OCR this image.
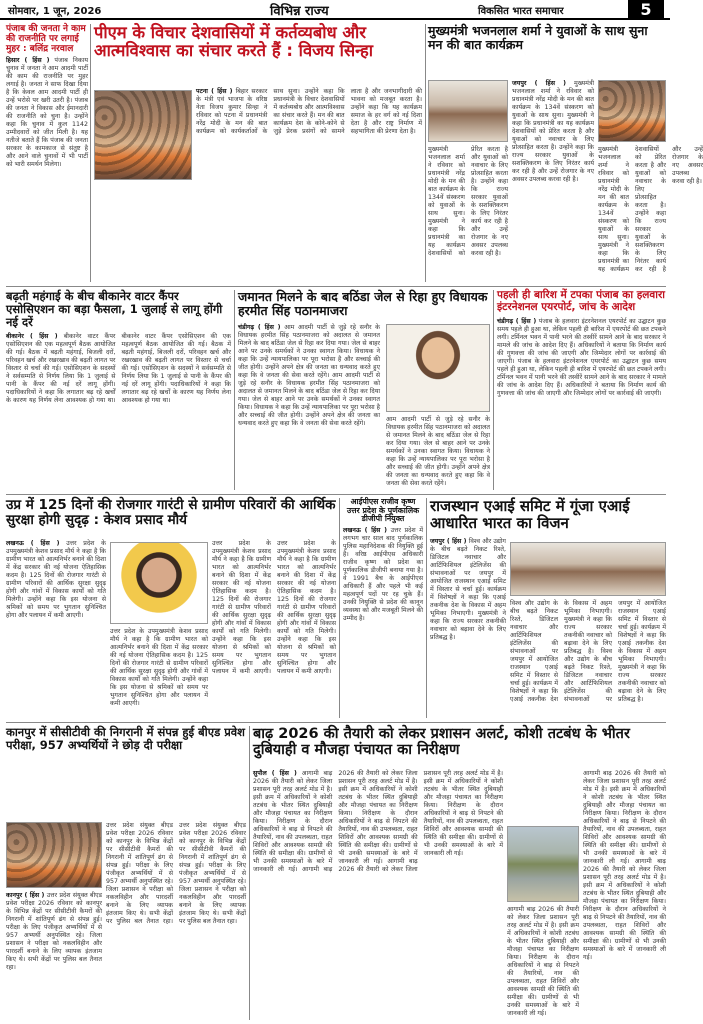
सोमवार, 1 जून, 2026	विभिन्न राज्य	विकसित भारत समाचार	5
पंजाब की जनता ने काम की राजनीति पर लगाई मुहर : बलिंद्र नरवाल
हिसार ( हिंस ) पंजाब निकाय चुनाव में जनता ने आम आदमी पार्टी की काम की राजनीति पर मुहर लगाई है। जनता ने साफ दिखा दिया है कि केवल आम आदमी पार्टी ही उन्हें भरोसे पर खरी उतरी है। पंजाब की जनता ने विकास और ईमानदारी की राजनीति को चुना है। उन्होंने कहा कि चुनाव में कुल 1142 उम्मीदवारों को जीत मिली है। यह नतीजे बताते हैं कि पंजाब की जनता सरकार के कामकाज से संतुष्ट है और आने वाले चुनावों में भी पार्टी को भारी समर्थन मिलेगा।
पीएम के विचार देशवासियों में कर्तव्यबोध और आत्मविश्वास का संचार करते हैं : विजय सिन्हा
पटना ( हिंस ) बिहार सरकार के मंत्री एवं भाजपा के वरिष्ठ नेता विजय कुमार सिन्हा ने रविवार को पटना में प्रधानमंत्री नरेंद्र मोदी के मन की बात कार्यक्रम को कार्यकर्ताओं के साथ सुना। उन्होंने कहा कि प्रधानमंत्री के विचार देशवासियों में कर्तव्यबोध और आत्मविश्वास का संचार करते हैं। मन की बात कार्यक्रम देश के कोने-कोने से जुड़े प्रेरक प्रसंगों को सामने लाता है और जनभागीदारी की भावना को मजबूत करता है। उन्होंने कहा कि यह कार्यक्रम समाज के हर वर्ग को नई दिशा देता है और राष्ट्र निर्माण में सहभागिता की प्रेरणा देता है।
मुख्यमंत्री भजनलाल शर्मा ने युवाओं के साथ सुना मन की बात कार्यक्रम
जयपुर ( हिंस ) मुख्यमंत्री भजनलाल शर्मा ने रविवार को प्रधानमंत्री नरेंद्र मोदी के मन की बात कार्यक्रम के 134वें संस्करण को युवाओं के साथ सुना। मुख्यमंत्री ने कहा कि प्रधानमंत्री का यह कार्यक्रम देशवासियों को प्रेरित करता है और युवाओं को नवाचार के लिए प्रोत्साहित करता है। उन्होंने कहा कि राज्य सरकार युवाओं के सशक्तिकरण के लिए निरंतर कार्य कर रही है और उन्हें रोजगार के नए अवसर उपलब्ध करवा रही है।
मुख्यमंत्री भजनलाल शर्मा ने रविवार को प्रधानमंत्री नरेंद्र मोदी के मन की बात कार्यक्रम के 134वें संस्करण को युवाओं के साथ सुना। मुख्यमंत्री ने कहा कि प्रधानमंत्री का यह कार्यक्रम देशवासियों को प्रेरित करता है और युवाओं को नवाचार के लिए प्रोत्साहित करता है। उन्होंने कहा कि राज्य सरकार युवाओं के सशक्तिकरण के लिए निरंतर कार्य कर रही है और उन्हें रोजगार के नए अवसर उपलब्ध करवा रही है।
मुख्यमंत्री भजनलाल शर्मा ने रविवार को प्रधानमंत्री नरेंद्र मोदी के मन की बात कार्यक्रम के 134वें संस्करण को युवाओं के साथ सुना। मुख्यमंत्री ने कहा कि प्रधानमंत्री का यह कार्यक्रम देशवासियों को प्रेरित करता है और युवाओं को नवाचार के लिए प्रोत्साहित करता है। उन्होंने कहा कि राज्य सरकार युवाओं के सशक्तिकरण के लिए निरंतर कार्य कर रही है और उन्हें रोजगार के नए अवसर उपलब्ध करवा रही है।
बढ़ती महंगाई के बीच बीकानेर वाटर कैंपर एसोसिएशन का बड़ा फैसला, 1 जुलाई से लागू होंगी नई दरें
बीकानेर ( हिंस ) बीकानेर वाटर कैंपर एसोसिएशन की एक महत्वपूर्ण बैठक आयोजित की गई। बैठक में बढ़ती महंगाई, बिजली दरों, परिवहन खर्च और रखरखाव की बढ़ती लागत पर विस्तार से चर्चा की गई। एसोसिएशन के सदस्यों ने सर्वसम्मति से निर्णय लिया कि 1 जुलाई से पानी के कैंपर की नई दरें लागू होंगी। पदाधिकारियों ने कहा कि लगातार बढ़ रहे खर्चों के कारण यह निर्णय लेना आवश्यक हो गया था। बीकानेर वाटर कैंपर एसोसिएशन की एक महत्वपूर्ण बैठक आयोजित की गई। बैठक में बढ़ती महंगाई, बिजली दरों, परिवहन खर्च और रखरखाव की बढ़ती लागत पर विस्तार से चर्चा की गई। एसोसिएशन के सदस्यों ने सर्वसम्मति से निर्णय लिया कि 1 जुलाई से पानी के कैंपर की नई दरें लागू होंगी। पदाधिकारियों ने कहा कि लगातार बढ़ रहे खर्चों के कारण यह निर्णय लेना आवश्यक हो गया था।
जमानत मिलने के बाद बठिंडा जेल से रिहा हुए विधायक हरमीत सिंह पठानमाजरा
चंडीगढ़ ( हिंस ) आम आदमी पार्टी से जुड़े रहे सनौर के विधायक हरमीत सिंह पठानमाजरा को अदालत से जमानत मिलने के बाद बठिंडा जेल से रिहा कर दिया गया। जेल से बाहर आने पर उनके समर्थकों ने उनका स्वागत किया। विधायक ने कहा कि उन्हें न्यायपालिका पर पूरा भरोसा है और सच्चाई की जीत होगी। उन्होंने अपने क्षेत्र की जनता का धन्यवाद करते हुए कहा कि वे जनता की सेवा करते रहेंगे। आम आदमी पार्टी से जुड़े रहे सनौर के विधायक हरमीत सिंह पठानमाजरा को अदालत से जमानत मिलने के बाद बठिंडा जेल से रिहा कर दिया गया। जेल से बाहर आने पर उनके समर्थकों ने उनका स्वागत किया। विधायक ने कहा कि उन्हें न्यायपालिका पर पूरा भरोसा है और सच्चाई की जीत होगी। उन्होंने अपने क्षेत्र की जनता का धन्यवाद करते हुए कहा कि वे जनता की सेवा करते रहेंगे।
आम आदमी पार्टी से जुड़े रहे सनौर के विधायक हरमीत सिंह पठानमाजरा को अदालत से जमानत मिलने के बाद बठिंडा जेल से रिहा कर दिया गया। जेल से बाहर आने पर उनके समर्थकों ने उनका स्वागत किया। विधायक ने कहा कि उन्हें न्यायपालिका पर पूरा भरोसा है और सच्चाई की जीत होगी। उन्होंने अपने क्षेत्र की जनता का धन्यवाद करते हुए कहा कि वे जनता की सेवा करते रहेंगे।
पहली ही बारिश में टपका पंजाब का हलवारा इंटरनेशनल एयरपोर्ट, जांच के आदेश
चंडीगढ़ ( हिंस ) पंजाब के हलवारा इंटरनेशनल एयरपोर्ट का उद्घाटन कुछ समय पहले ही हुआ था, लेकिन पहली ही बारिश में एयरपोर्ट की छत टपकने लगी। टर्मिनल भवन में पानी भरने की तस्वीरें सामने आने के बाद सरकार ने मामले की जांच के आदेश दिए हैं। अधिकारियों ने बताया कि निर्माण कार्य की गुणवत्ता की जांच की जाएगी और जिम्मेदार लोगों पर कार्रवाई की जाएगी। पंजाब के हलवारा इंटरनेशनल एयरपोर्ट का उद्घाटन कुछ समय पहले ही हुआ था, लेकिन पहली ही बारिश में एयरपोर्ट की छत टपकने लगी। टर्मिनल भवन में पानी भरने की तस्वीरें सामने आने के बाद सरकार ने मामले की जांच के आदेश दिए हैं। अधिकारियों ने बताया कि निर्माण कार्य की गुणवत्ता की जांच की जाएगी और जिम्मेदार लोगों पर कार्रवाई की जाएगी।
उप्र में 125 दिनों की रोजगार गारंटी से ग्रामीण परिवारों की आर्थिक सुरक्षा होगी सुदृढ़ : केशव प्रसाद मौर्य
लखनऊ ( हिंस ) उत्तर प्रदेश के उपमुख्यमंत्री केशव प्रसाद मौर्य ने कहा है कि ग्रामीण भारत को आत्मनिर्भर बनाने की दिशा में केंद्र सरकार की नई योजना ऐतिहासिक कदम है। 125 दिनों की रोजगार गारंटी से ग्रामीण परिवारों की आर्थिक सुरक्षा सुदृढ़ होगी और गांवों में विकास कार्यों को गति मिलेगी। उन्होंने कहा कि इस योजना से श्रमिकों को समय पर भुगतान सुनिश्चित होगा और पलायन में कमी आएगी।
उत्तर प्रदेश के उपमुख्यमंत्री केशव प्रसाद मौर्य ने कहा है कि ग्रामीण भारत को आत्मनिर्भर बनाने की दिशा में केंद्र सरकार की नई योजना ऐतिहासिक कदम है। 125 दिनों की रोजगार गारंटी से ग्रामीण परिवारों की आर्थिक सुरक्षा सुदृढ़ होगी और गांवों में विकास कार्यों को गति मिलेगी। उन्होंने कहा कि इस योजना से श्रमिकों को समय पर भुगतान सुनिश्चित होगा और पलायन में कमी आएगी।
उत्तर प्रदेश के उपमुख्यमंत्री केशव प्रसाद मौर्य ने कहा है कि ग्रामीण भारत को आत्मनिर्भर बनाने की दिशा में केंद्र सरकार की नई योजना ऐतिहासिक कदम है। 125 दिनों की रोजगार गारंटी से ग्रामीण परिवारों की आर्थिक सुरक्षा सुदृढ़ होगी और गांवों में विकास कार्यों को गति मिलेगी। उन्होंने कहा कि इस योजना से श्रमिकों को समय पर भुगतान सुनिश्चित होगा और पलायन में कमी आएगी। उत्तर प्रदेश के उपमुख्यमंत्री केशव प्रसाद मौर्य ने कहा है कि ग्रामीण भारत को आत्मनिर्भर बनाने की दिशा में केंद्र सरकार की नई योजना ऐतिहासिक कदम है। 125 दिनों की रोजगार गारंटी से ग्रामीण परिवारों की आर्थिक सुरक्षा सुदृढ़ होगी और गांवों में विकास कार्यों को गति मिलेगी। उन्होंने कहा कि इस योजना से श्रमिकों को समय पर भुगतान सुनिश्चित होगा और पलायन में कमी आएगी।
आईपीएस राजीव कृष्ण उत्तर प्रदेश के पूर्णकालिक डीजीपी नियुक्त
लखनऊ ( हिंस ) उत्तर प्रदेश में लगभग चार साल बाद पूर्णकालिक पुलिस महानिदेशक की नियुक्ति हुई है। वरिष्ठ आईपीएस अधिकारी राजीव कृष्ण को प्रदेश का पूर्णकालिक डीजीपी बनाया गया है। वे 1991 बैच के आईपीएस अधिकारी हैं और पहले भी कई महत्वपूर्ण पदों पर रह चुके हैं। उनकी नियुक्ति से प्रदेश की कानून व्यवस्था को और मजबूती मिलने की उम्मीद है।
राजस्थान एआई समिट में गूंजा एआई आधारित भारत का विजन
जयपुर ( हिंस ) विश्व और उद्योग के बीच बढ़ते निकट रिश्ते, डिजिटल नवाचार और आर्टिफिशियल इंटेलिजेंस की संभावनाओं पर जयपुर में आयोजित राजस्थान एआई समिट में विस्तार से चर्चा हुई। कार्यक्रम में विशेषज्ञों ने कहा कि एआई तकनीक देश के विकास में अहम भूमिका निभाएगी। मुख्यमंत्री ने कहा कि राज्य सरकार तकनीकी नवाचार को बढ़ावा देने के लिए प्रतिबद्ध है।
विश्व और उद्योग के बीच बढ़ते निकट रिश्ते, डिजिटल नवाचार और आर्टिफिशियल इंटेलिजेंस की संभावनाओं पर जयपुर में आयोजित राजस्थान एआई समिट में विस्तार से चर्चा हुई। कार्यक्रम में विशेषज्ञों ने कहा कि एआई तकनीक देश के विकास में अहम भूमिका निभाएगी। मुख्यमंत्री ने कहा कि राज्य सरकार तकनीकी नवाचार को बढ़ावा देने के लिए प्रतिबद्ध है। विश्व और उद्योग के बीच बढ़ते निकट रिश्ते, डिजिटल नवाचार और आर्टिफिशियल इंटेलिजेंस की संभावनाओं पर जयपुर में आयोजित राजस्थान एआई समिट में विस्तार से चर्चा हुई। कार्यक्रम में विशेषज्ञों ने कहा कि एआई तकनीक देश के विकास में अहम भूमिका निभाएगी। मुख्यमंत्री ने कहा कि राज्य सरकार तकनीकी नवाचार को बढ़ावा देने के लिए प्रतिबद्ध है।
कानपुर में सीसीटीवी की निगरानी में संपन्न हुई बीएड प्रवेश परीक्षा, 957 अभ्यर्थियों ने छोड़ दी परीक्षा
कानपुर ( हिंस ) उत्तर प्रदेश संयुक्त बीएड प्रवेश परीक्षा 2026 रविवार को कानपुर के विभिन्न केंद्रों पर सीसीटीवी कैमरों की निगरानी में शांतिपूर्ण ढंग से संपन्न हुई। परीक्षा के लिए पंजीकृत अभ्यर्थियों में से 957 अभ्यर्थी अनुपस्थित रहे। जिला प्रशासन ने परीक्षा को नकलविहीन और पारदर्शी बनाने के लिए व्यापक इंतजाम किए थे। सभी केंद्रों पर पुलिस बल तैनात रहा।
उत्तर प्रदेश संयुक्त बीएड प्रवेश परीक्षा 2026 रविवार को कानपुर के विभिन्न केंद्रों पर सीसीटीवी कैमरों की निगरानी में शांतिपूर्ण ढंग से संपन्न हुई। परीक्षा के लिए पंजीकृत अभ्यर्थियों में से 957 अभ्यर्थी अनुपस्थित रहे। जिला प्रशासन ने परीक्षा को नकलविहीन और पारदर्शी बनाने के लिए व्यापक इंतजाम किए थे। सभी केंद्रों पर पुलिस बल तैनात रहा। उत्तर प्रदेश संयुक्त बीएड प्रवेश परीक्षा 2026 रविवार को कानपुर के विभिन्न केंद्रों पर सीसीटीवी कैमरों की निगरानी में शांतिपूर्ण ढंग से संपन्न हुई। परीक्षा के लिए पंजीकृत अभ्यर्थियों में से 957 अभ्यर्थी अनुपस्थित रहे। जिला प्रशासन ने परीक्षा को नकलविहीन और पारदर्शी बनाने के लिए व्यापक इंतजाम किए थे। सभी केंद्रों पर पुलिस बल तैनात रहा।
बाढ़ 2026 की तैयारी को लेकर प्रशासन अलर्ट, कोशी तटबंध के भीतर दुबियाही व मौजहा पंचायत का निरीक्षण
सुपौल ( हिंस ) आगामी बाढ़ 2026 की तैयारी को लेकर जिला प्रशासन पूरी तरह अलर्ट मोड में है। इसी क्रम में अधिकारियों ने कोशी तटबंध के भीतर स्थित दुबियाही और मौजहा पंचायत का निरीक्षण किया। निरीक्षण के दौरान अधिकारियों ने बाढ़ से निपटने की तैयारियों, नाव की उपलब्धता, राहत शिविरों और आवश्यक सामग्री की स्थिति की समीक्षा की। ग्रामीणों से भी उनकी समस्याओं के बारे में जानकारी ली गई। आगामी बाढ़ 2026 की तैयारी को लेकर जिला प्रशासन पूरी तरह अलर्ट मोड में है। इसी क्रम में अधिकारियों ने कोशी तटबंध के भीतर स्थित दुबियाही और मौजहा पंचायत का निरीक्षण किया। निरीक्षण के दौरान अधिकारियों ने बाढ़ से निपटने की तैयारियों, नाव की उपलब्धता, राहत शिविरों और आवश्यक सामग्री की स्थिति की समीक्षा की। ग्रामीणों से भी उनकी समस्याओं के बारे में जानकारी ली गई। आगामी बाढ़ 2026 की तैयारी को लेकर जिला प्रशासन पूरी तरह अलर्ट मोड में है। इसी क्रम में अधिकारियों ने कोशी तटबंध के भीतर स्थित दुबियाही और मौजहा पंचायत का निरीक्षण किया। निरीक्षण के दौरान अधिकारियों ने बाढ़ से निपटने की तैयारियों, नाव की उपलब्धता, राहत शिविरों और आवश्यक सामग्री की स्थिति की समीक्षा की। ग्रामीणों से भी उनकी समस्याओं के बारे में जानकारी ली गई।
आगामी बाढ़ 2026 की तैयारी को लेकर जिला प्रशासन पूरी तरह अलर्ट मोड में है। इसी क्रम में अधिकारियों ने कोशी तटबंध के भीतर स्थित दुबियाही और मौजहा पंचायत का निरीक्षण किया। निरीक्षण के दौरान अधिकारियों ने बाढ़ से निपटने की तैयारियों, नाव की उपलब्धता, राहत शिविरों और आवश्यक सामग्री की स्थिति की समीक्षा की। ग्रामीणों से भी उनकी समस्याओं के बारे में जानकारी ली गई।
आगामी बाढ़ 2026 की तैयारी को लेकर जिला प्रशासन पूरी तरह अलर्ट मोड में है। इसी क्रम में अधिकारियों ने कोशी तटबंध के भीतर स्थित दुबियाही और मौजहा पंचायत का निरीक्षण किया। निरीक्षण के दौरान अधिकारियों ने बाढ़ से निपटने की तैयारियों, नाव की उपलब्धता, राहत शिविरों और आवश्यक सामग्री की स्थिति की समीक्षा की। ग्रामीणों से भी उनकी समस्याओं के बारे में जानकारी ली गई। आगामी बाढ़ 2026 की तैयारी को लेकर जिला प्रशासन पूरी तरह अलर्ट मोड में है। इसी क्रम में अधिकारियों ने कोशी तटबंध के भीतर स्थित दुबियाही और मौजहा पंचायत का निरीक्षण किया। निरीक्षण के दौरान अधिकारियों ने बाढ़ से निपटने की तैयारियों, नाव की उपलब्धता, राहत शिविरों और आवश्यक सामग्री की स्थिति की समीक्षा की। ग्रामीणों से भी उनकी समस्याओं के बारे में जानकारी ली गई।
